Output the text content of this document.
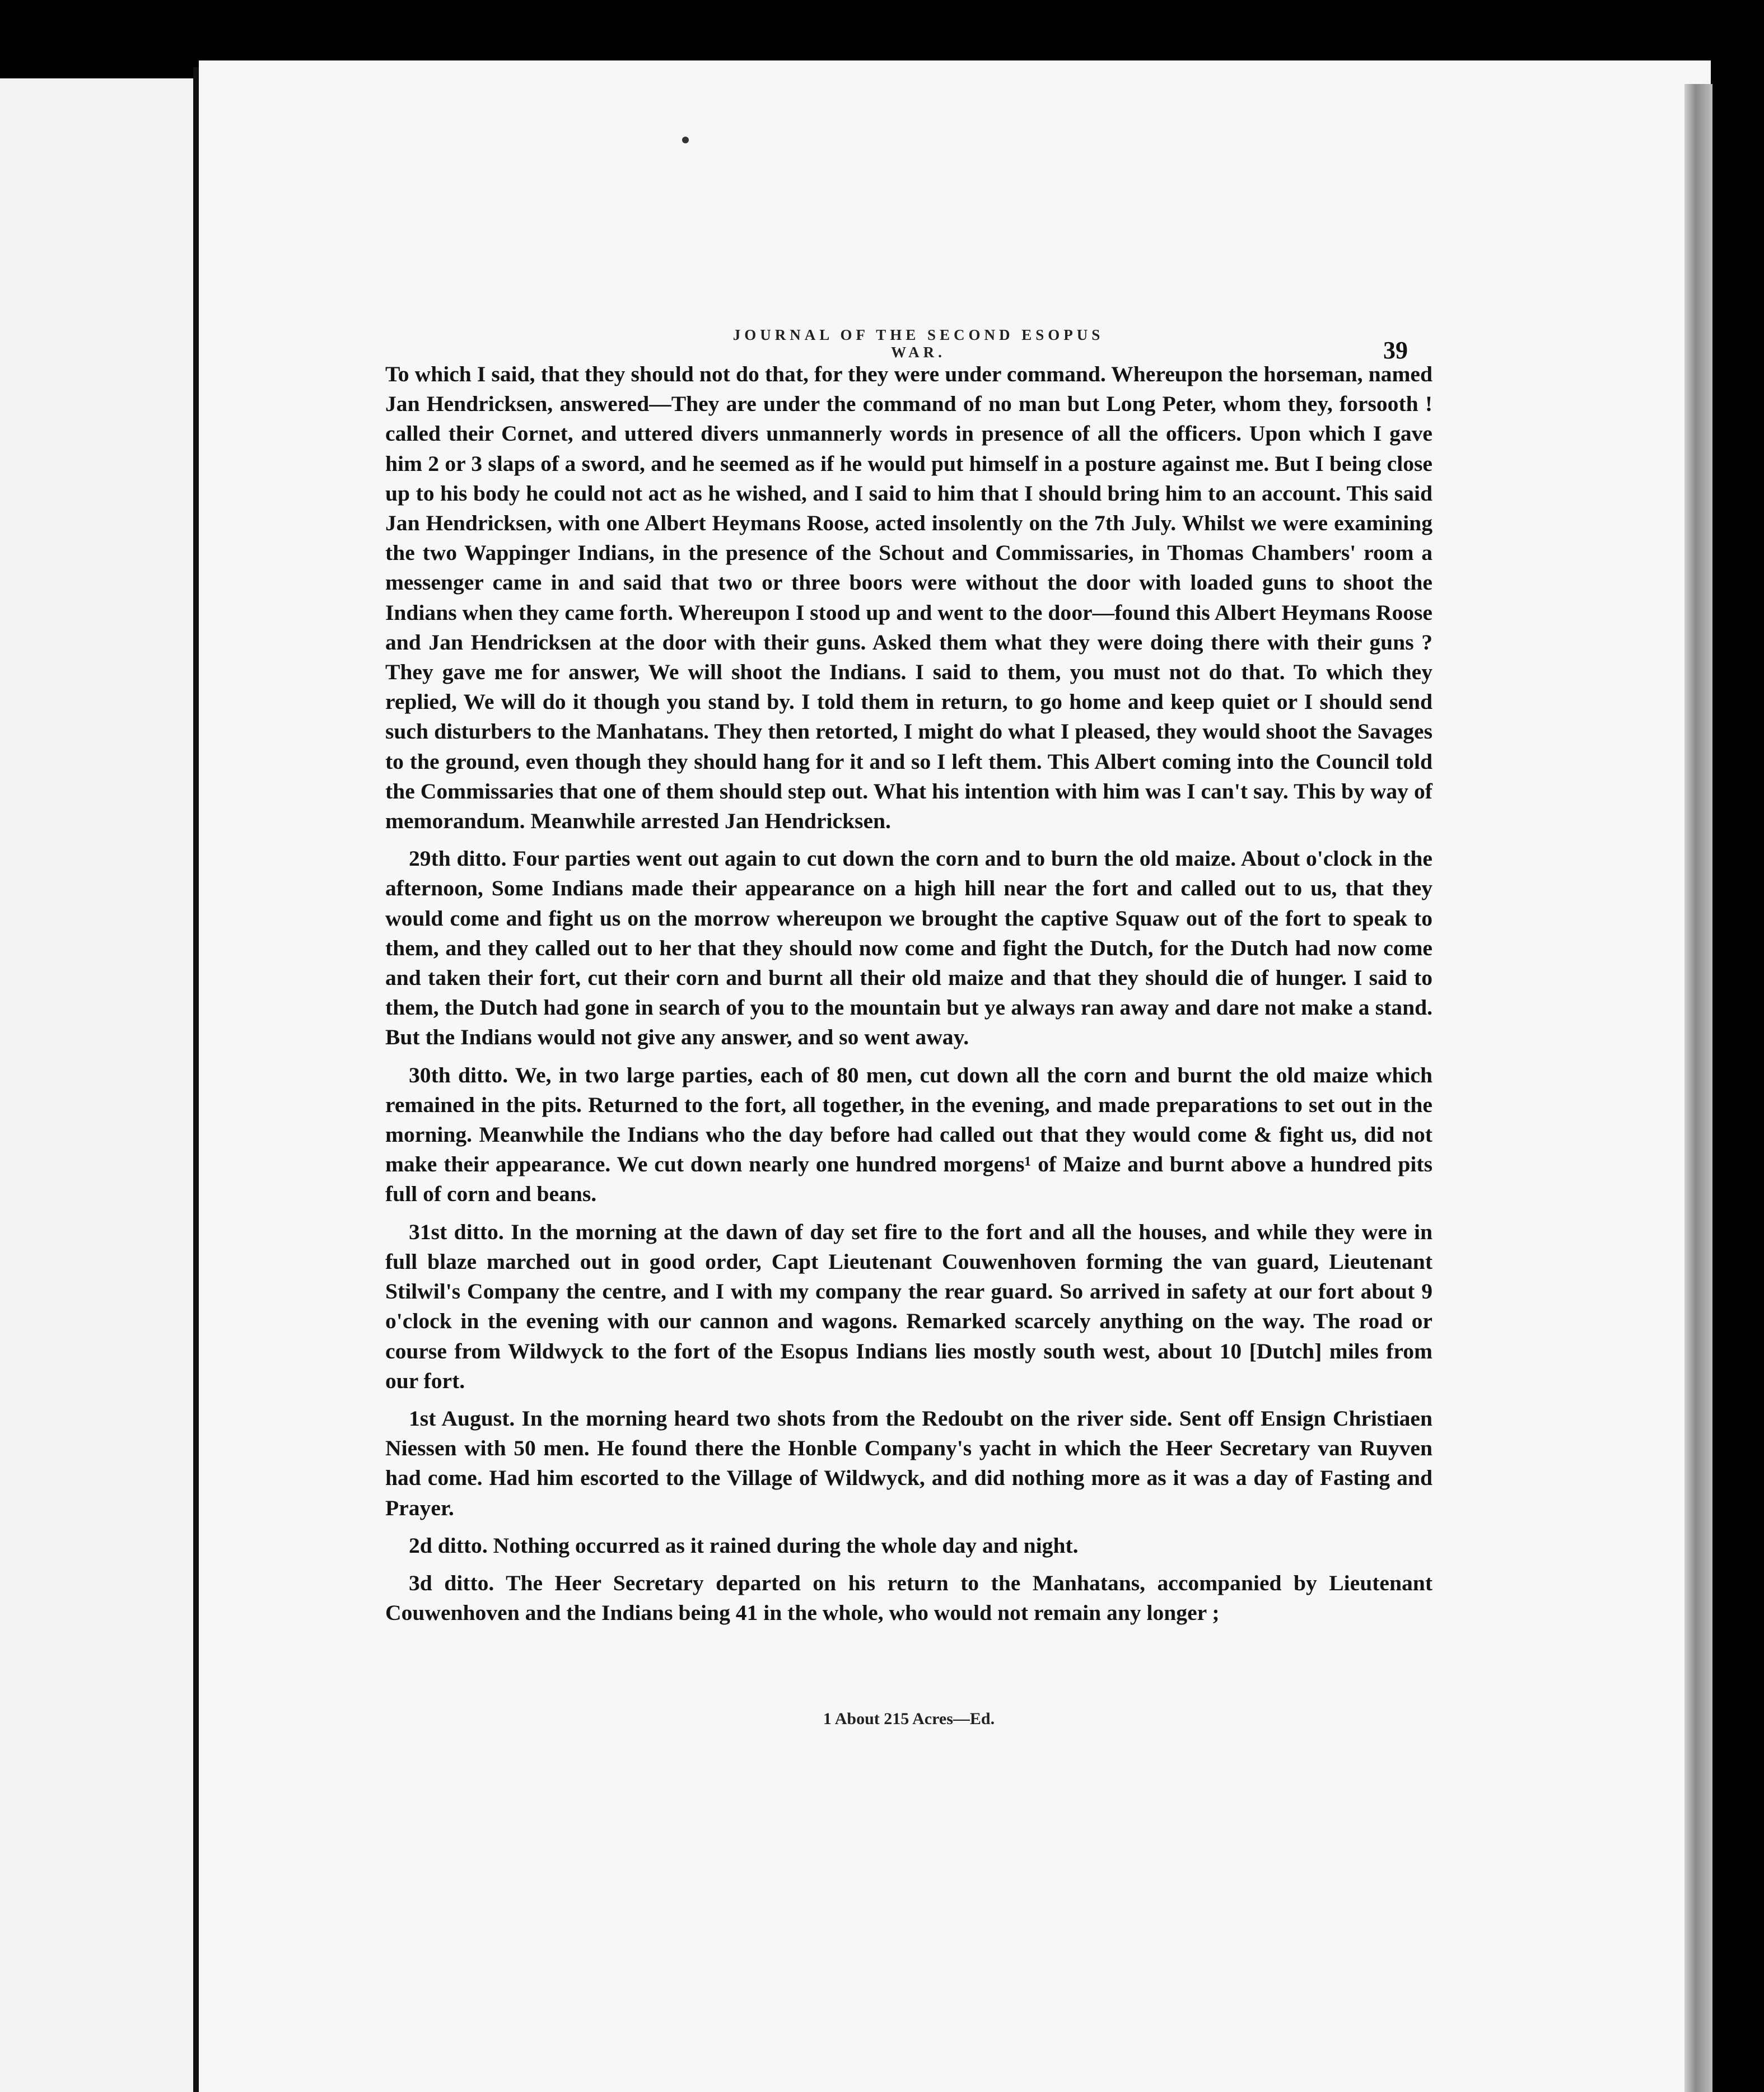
JOURNAL OF THE SECOND ESOPUS WAR.	39

To which I said, that they should not do that, for they were under command. Whereupon the horseman, named Jan Hendricksen, answered—They are under the command of no man but Long Peter, whom they, forsooth ! called their Cornet, and uttered divers unmannerly words in presence of all the officers. Upon which I gave him 2 or 3 slaps of a sword, and he seemed as if he would put himself in a posture against me. But I being close up to his body he could not act as he wished, and I said to him that I should bring him to an account. This said Jan Hendricksen, with one Albert Heymans Roose, acted insolently on the 7th July. Whilst we were examining the two Wappinger Indians, in the presence of the Schout and Commissaries, in Thomas Chambers' room a messenger came in and said that two or three boors were without the door with loaded guns to shoot the Indians when they came forth. Whereupon I stood up and went to the door—found this Albert Heymans Roose and Jan Hendricksen at the door with their guns. Asked them what they were doing there with their guns ? They gave me for answer, We will shoot the Indians. I said to them, you must not do that. To which they replied, We will do it though you stand by. I told them in return, to go home and keep quiet or I should send such disturbers to the Manhatans. They then retorted, I might do what I pleased, they would shoot the Savages to the ground, even though they should hang for it and so I left them. This Albert coming into the Council told the Commissaries that one of them should step out. What his intention with him was I can't say. This by way of memorandum. Meanwhile arrested Jan Hendricksen.

29th ditto. Four parties went out again to cut down the corn and to burn the old maize. About o'clock in the afternoon, Some Indians made their appearance on a high hill near the fort and called out to us, that they would come and fight us on the morrow whereupon we brought the captive Squaw out of the fort to speak to them, and they called out to her that they should now come and fight the Dutch, for the Dutch had now come and taken their fort, cut their corn and burnt all their old maize and that they should die of hunger. I said to them, the Dutch had gone in search of you to the mountain but ye always ran away and dare not make a stand. But the Indians would not give any answer, and so went away.

30th ditto. We, in two large parties, each of 80 men, cut down all the corn and burnt the old maize which remained in the pits. Returned to the fort, all together, in the evening, and made preparations to set out in the morning. Meanwhile the Indians who the day before had called out that they would come & fight us, did not make their appearance. We cut down nearly one hundred morgens¹ of Maize and burnt above a hundred pits full of corn and beans.

31st ditto. In the morning at the dawn of day set fire to the fort and all the houses, and while they were in full blaze marched out in good order, Capt Lieutenant Couwenhoven forming the van guard, Lieutenant Stilwil's Company the centre, and I with my company the rear guard. So arrived in safety at our fort about 9 o'clock in the evening with our cannon and wagons. Remarked scarcely anything on the way. The road or course from Wildwyck to the fort of the Esopus Indians lies mostly south west, about 10 [Dutch] miles from our fort.

1st August. In the morning heard two shots from the Redoubt on the river side. Sent off Ensign Christiaen Niessen with 50 men. He found there the Honble Company's yacht in which the Heer Secretary van Ruyven had come. Had him escorted to the Village of Wildwyck, and did nothing more as it was a day of Fasting and Prayer.

2d ditto. Nothing occurred as it rained during the whole day and night.

3d ditto. The Heer Secretary departed on his return to the Manhatans, accompanied by Lieutenant Couwenhoven and the Indians being 41 in the whole, who would not remain any longer ;

1 About 215 Acres—Ed.
